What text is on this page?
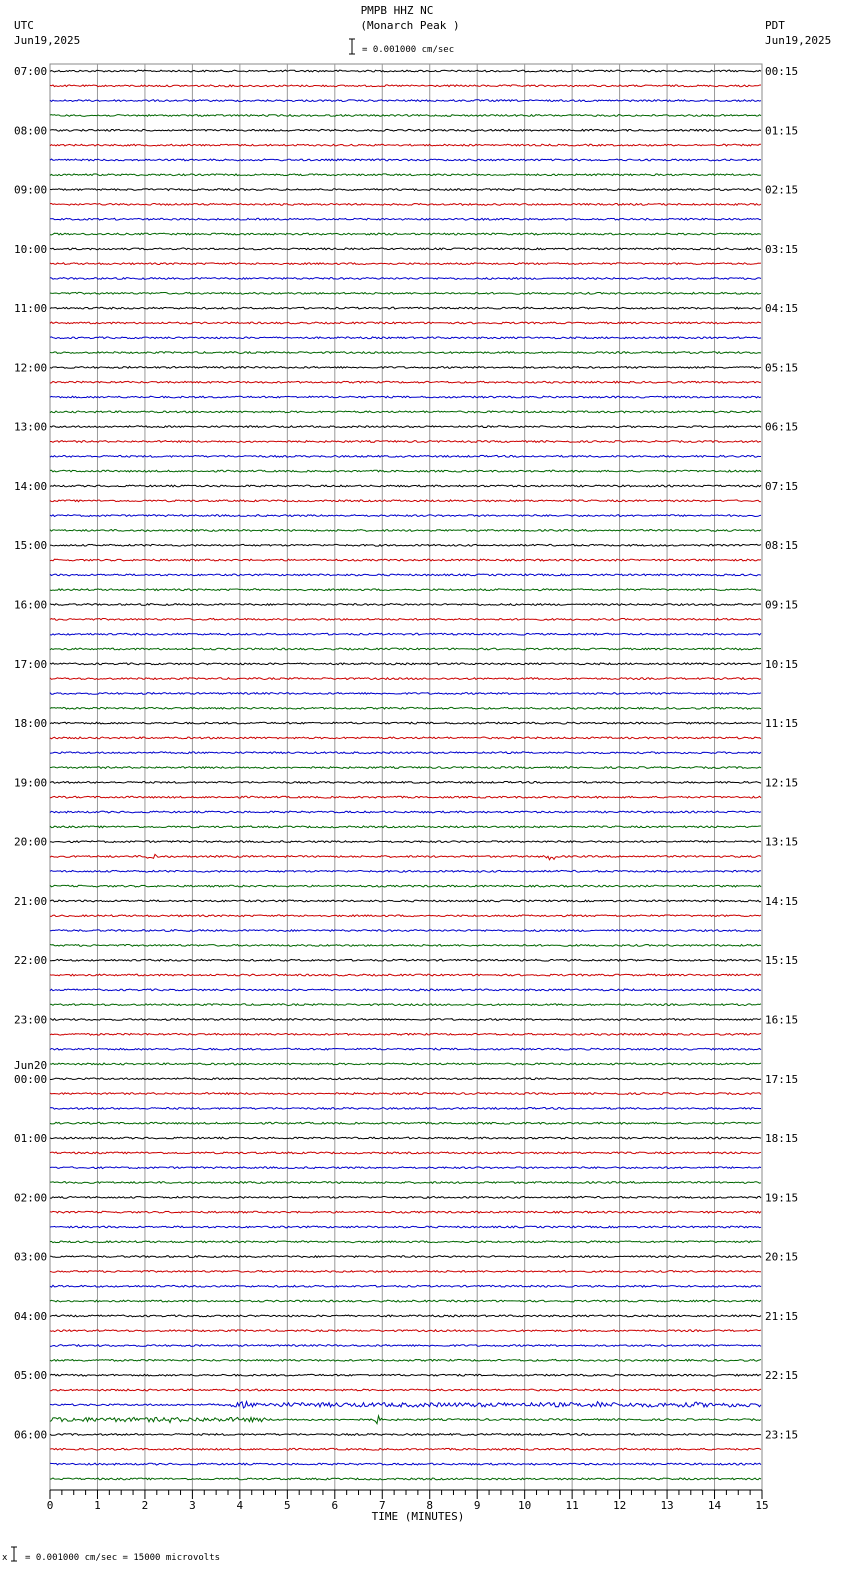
PMPB HHZ NC
(Monarch Peak )
UTC
Jun19,2025
PDT
Jun19,2025
= 0.001000 cm/sec
07:00
08:00
09:00
10:00
11:00
12:00
13:00
14:00
15:00
16:00
17:00
18:00
19:00
20:00
21:00
22:00
23:00
00:00
Jun20
01:00
02:00
03:00
04:00
05:00
06:00
00:15
01:15
02:15
03:15
04:15
05:15
06:15
07:15
08:15
09:15
10:15
11:15
12:15
13:15
14:15
15:15
16:15
17:15
18:15
19:15
20:15
21:15
22:15
23:15
0	1	2	3	4	5	6	7	8	9	10	11	12	13	14	15
TIME (MINUTES)
x = 0.001000 cm/sec = 15000 microvolts
